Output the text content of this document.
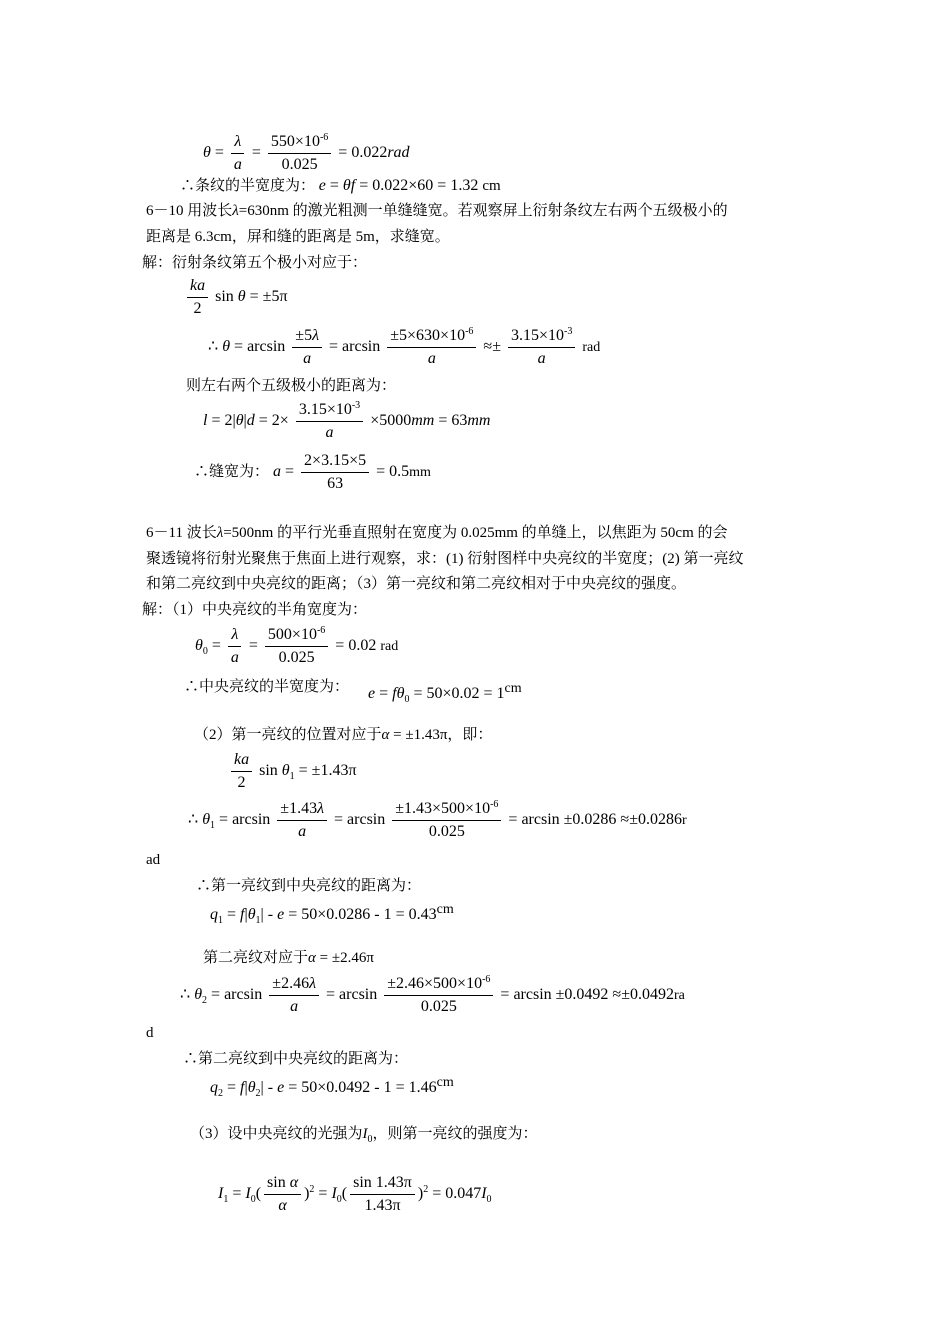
$\theta = \frac{\lambda}{a} = \frac{550\times 10^{-6}}{0.025} = 0.022rad$
∴条纹的半宽度为： e = θf = 0.022×60 = 1.32 cm
6－10 用波长λ=630nm 的激光粗测一单缝缝宽。若观察屏上衍射条纹左右两个五级极小的
距离是 6.3cm，屏和缝的距离是 5m，求缝宽。
解：衍射条纹第五个极小对应于：
$\frac{ka}{2}$ sin θ = ±5π
∴ $\theta = \arcsin \frac{\pm 5\lambda}{a} = \arcsin \frac{\pm 5\times 630\times 10^{-6}}{a} \approx\pm \frac{3.15\times 10^{-3}}{a}$ rad
则左右两个五级极小的距离为：
$l = 2|\theta|d = 2\times \frac{3.15\times 10^{-3}}{a} \times 5000mm = 63mm$
∴缝宽为： $a = \frac{2\times 3.15\times 5}{63} = 0.5mm$
6－11 波长λ=500nm 的平行光垂直照射在宽度为 0.025mm 的单缝上，以焦距为 50cm 的会
聚透镜将衍射光聚焦于焦面上进行观察，求：(1) 衍射图样中央亮纹的半宽度；(2) 第一亮纹
和第二亮纹到中央亮纹的距离；（3）第一亮纹和第二亮纹相对于中央亮纹的强度。
解：（1）中央亮纹的半角宽度为：
$\theta_0 = \frac{\lambda}{a} = \frac{500\times 10^{-6}}{0.025} = 0.02$ rad
∴中央亮纹的半宽度为： $e = f\theta_0 = 50\times 0.02 = 1^{cm}$
（2）第一亮纹的位置对应于α = ±1.43π，即：
$\frac{ka}{2}$ $\sin \theta_1 = \pm 1.43\pi$
∴ $\theta_1 = \arcsin \frac{\pm 1.43\lambda}{a} = \arcsin \frac{\pm 1.43\times 500\times 10^{-6}}{0.025} = \arcsin \pm 0.0286 \approx\pm 0.0286r$
ad
∴第一亮纹到中央亮纹的距离为：
$q_1 = f|\theta_1| - e = 50\times 0.0286 - 1 = 0.43^{cm}$
第二亮纹对应于α = ±2.46π
∴ $\theta_2 = \arcsin \frac{\pm 2.46\lambda}{a} = \arcsin \frac{\pm 2.46\times 500\times 10^{-6}}{0.025} = \arcsin \pm 0.0492 \approx\pm 0.0492ra$
d
∴第二亮纹到中央亮纹的距离为：
$q_2 = f|\theta_2| - e = 50\times 0.0492 - 1 = 1.46^{cm}$
（3）设中央亮纹的光强为$I_0$，则第一亮纹的强度为：
$I_1 = I_0( \frac{\text{sin α}}{\alpha} )^2 = I_0( \frac{\sin 1.43\pi}{1.43\pi} )^2 = 0.047I_0$
